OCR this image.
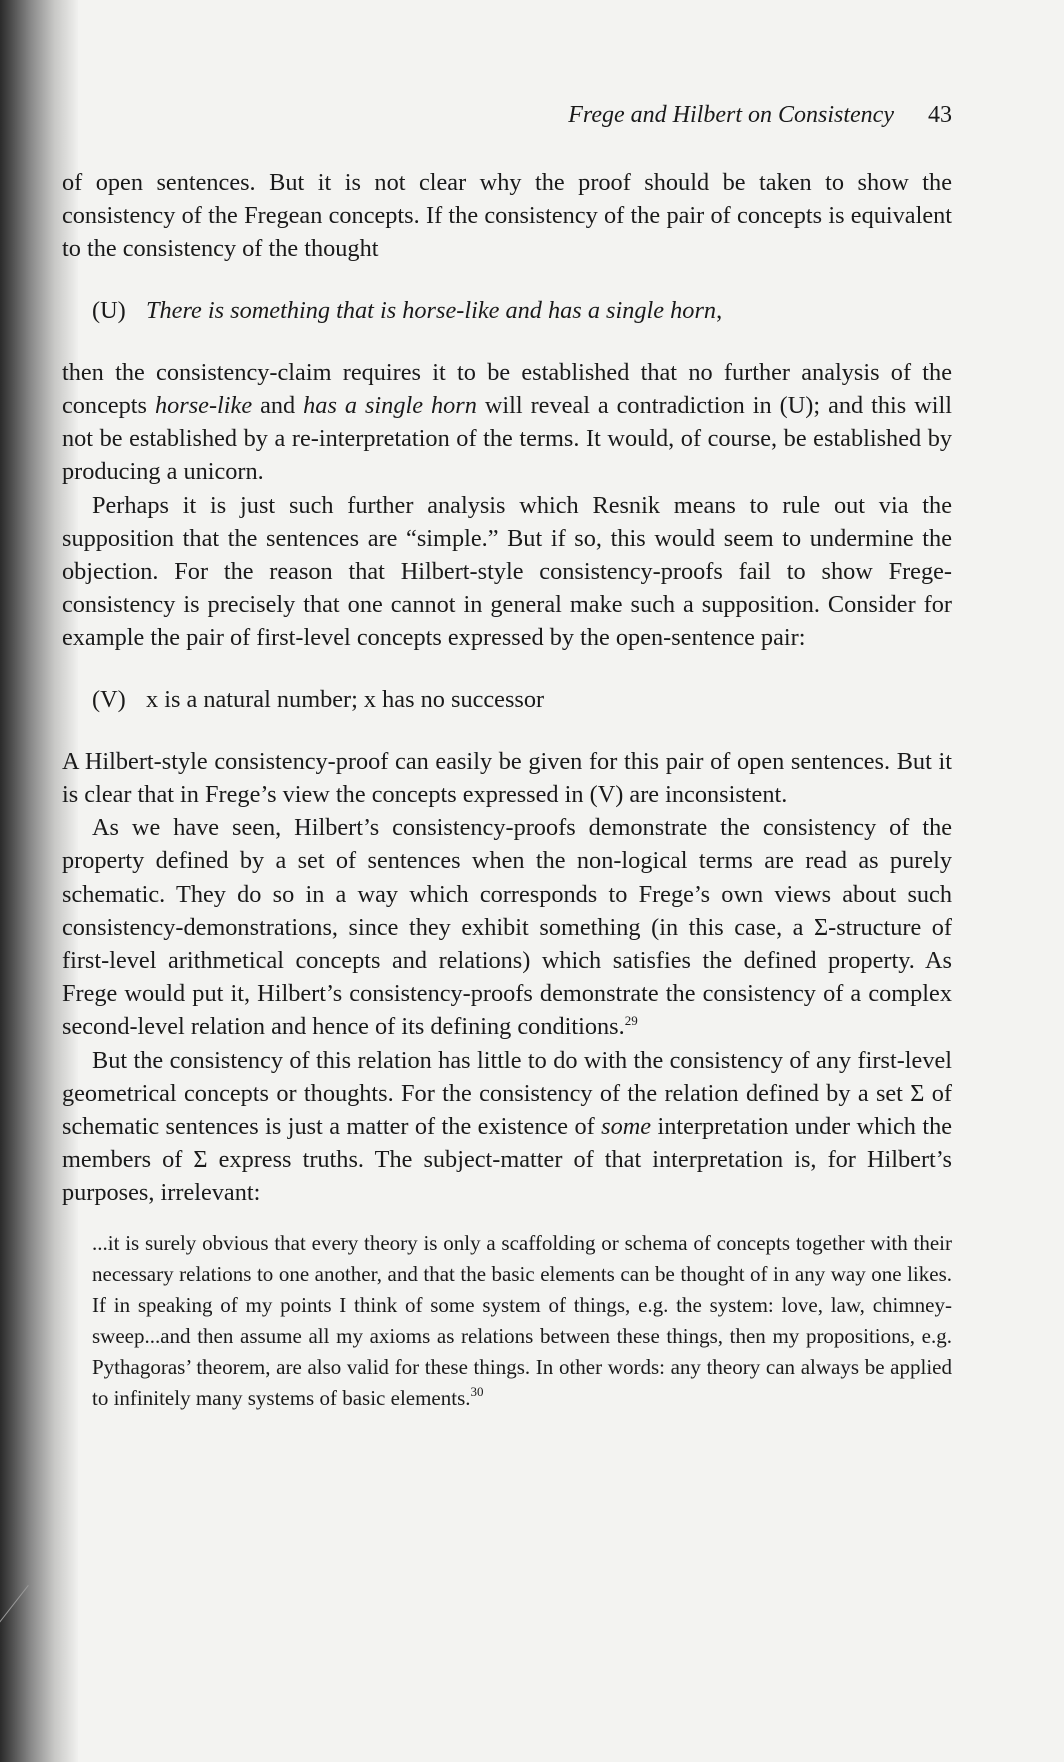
Frege and Hilbert on Consistency 43

of open sentences. But it is not clear why the proof should be taken to show the consistency of the Fregean concepts. If the consistency of the pair of concepts is equivalent to the consistency of the thought

(U) There is something that is horse-like and has a single horn,

then the consistency-claim requires it to be established that no further analysis of the concepts horse-like and has a single horn will reveal a contradiction in (U); and this will not be established by a re-interpretation of the terms. It would, of course, be established by producing a unicorn.

Perhaps it is just such further analysis which Resnik means to rule out via the supposition that the sentences are “simple.” But if so, this would seem to undermine the objection. For the reason that Hilbert-style consistency-proofs fail to show Frege-consistency is precisely that one cannot in general make such a supposition. Consider for example the pair of first-level concepts expressed by the open-sentence pair:

(V) x is a natural number; x has no successor

A Hilbert-style consistency-proof can easily be given for this pair of open sentences. But it is clear that in Frege’s view the concepts expressed in (V) are inconsistent.

As we have seen, Hilbert’s consistency-proofs demonstrate the consistency of the property defined by a set of sentences when the non-logical terms are read as purely schematic. They do so in a way which corresponds to Frege’s own views about such consistency-demonstrations, since they exhibit something (in this case, a Σ-structure of first-level arithmetical concepts and relations) which satisfies the defined property. As Frege would put it, Hilbert’s consistency-proofs demonstrate the consistency of a complex second-level relation and hence of its defining conditions.$^{29}$

But the consistency of this relation has little to do with the consistency of any first-level geometrical concepts or thoughts. For the consistency of the relation defined by a set Σ of schematic sentences is just a matter of the existence of some interpretation under which the members of Σ express truths. The subject-matter of that interpretation is, for Hilbert’s purposes, irrelevant:

...it is surely obvious that every theory is only a scaffolding or schema of concepts together with their necessary relations to one another, and that the basic elements can be thought of in any way one likes. If in speaking of my points I think of some system of things, e.g. the system: love, law, chimney-sweep...and then assume all my axioms as relations between these things, then my propositions, e.g. Pythagoras’ theorem, are also valid for these things. In other words: any theory can always be applied to infinitely many systems of basic elements.$^{30}$
